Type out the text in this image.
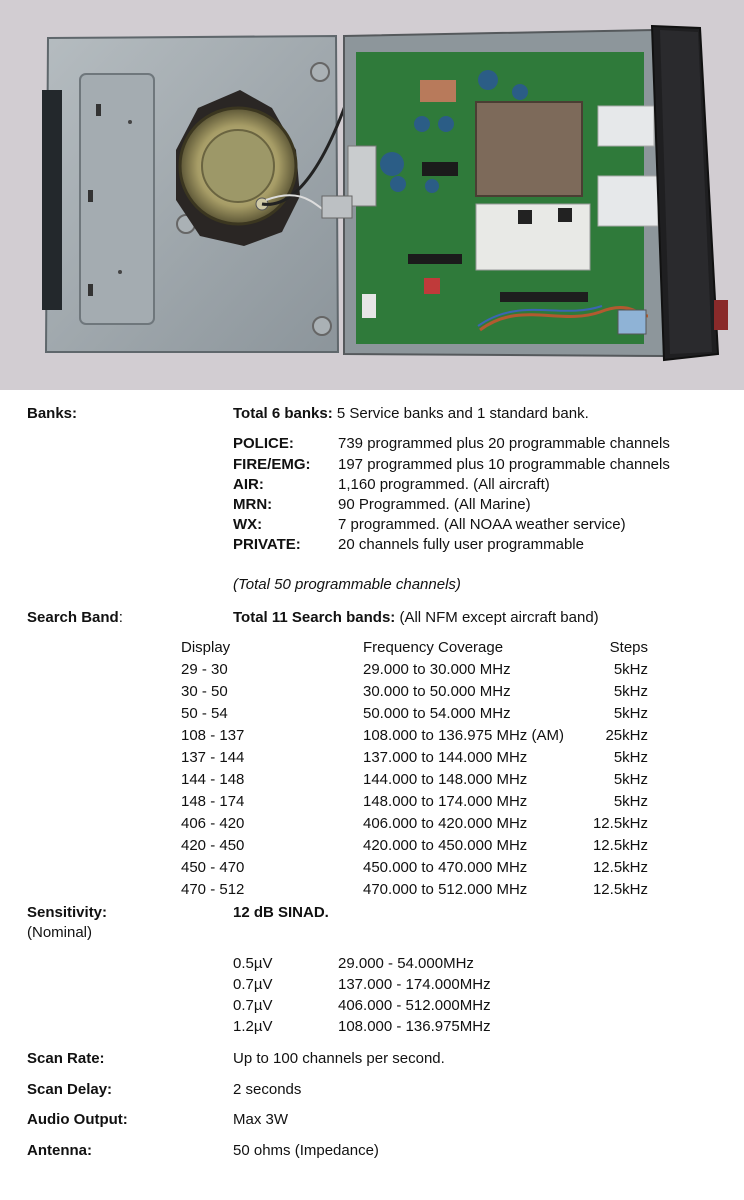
Banks:	Total 6 banks: 5 Service banks and 1 standard bank.
POLICE:	739 programmed plus 20 programmable channels
FIRE/EMG: 197 programmed plus 10 programmable channels
AIR:	1,160 programmed. (All aircraft)
MRN:	90 Programmed. (All Marine)
WX:	7 programmed. (All NOAA weather service)
PRIVATE: 20 channels fully user programmable
(Total 50 programmable channels)
Search Band:	Total 11 Search bands: (All NFM except aircraft band)
Display	Frequency Coverage	Steps
29 - 30	29.000 to 30.000 MHz	5kHz
30 - 50	30.000 to 50.000 MHz	5kHz
50 - 54	50.000 to 54.000 MHz	5kHz
108 - 137	108.000 to 136.975 MHz (AM)	25kHz
137 - 144	137.000 to 144.000 MHz	5kHz
144 - 148	144.000 to 148.000 MHz	5kHz
148 - 174	148.000 to 174.000 MHz	5kHz
406 - 420	406.000 to 420.000 MHz	12.5kHz
420 - 450	420.000 to 450.000 MHz	12.5kHz
450 - 470	450.000 to 470.000 MHz	12.5kHz
470 - 512	470.000 to 512.000 MHz	12.5kHz
Sensitivity:
(Nominal)
12 dB SINAD.
0.5µV	29.000 - 54.000MHz
0.7µV	137.000 - 174.000MHz
0.7µV	406.000 - 512.000MHz
1.2µV	108.000 - 136.975MHz
Scan Rate:	Up to 100 channels per second.
Scan Delay:	2 seconds
Audio Output:	Max 3W
Antenna:	50 ohms (Impedance)
